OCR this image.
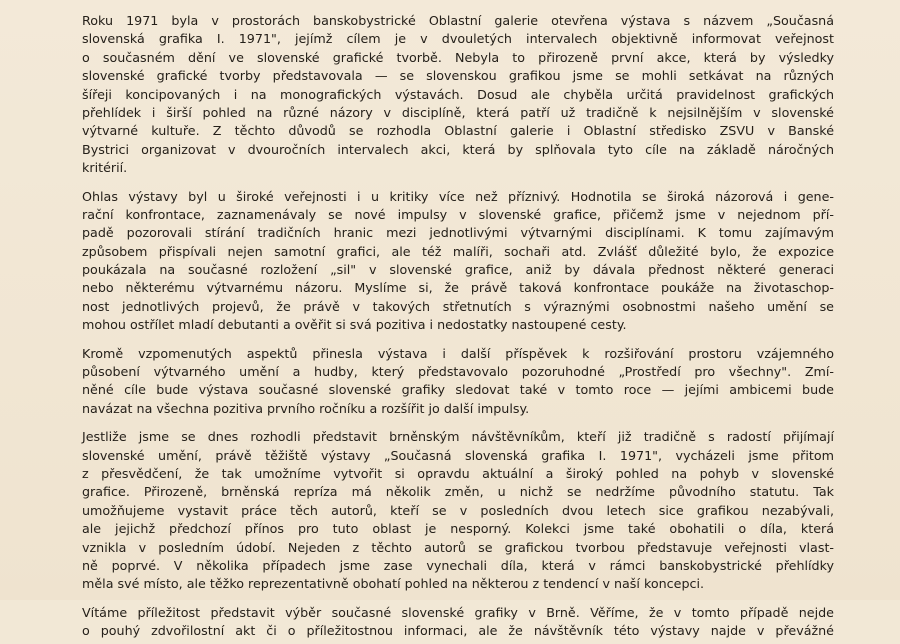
Roku 1971 byla v prostorách banskobystrické Oblastní galerie otevřena výstava s názvem „Současná
slovenská grafika I. 1971", jejímž cílem je v dvouletých intervalech objektivně informovat veřejnost
o současném dění ve slovenské grafické tvorbě. Nebyla to přirozeně první akce, která by výsledky
slovenské grafické tvorby představovala — se slovenskou grafikou jsme se mohli setkávat na různých
šířeji koncipovaných i na monografických výstavách. Dosud ale chyběla určitá pravidelnost grafických
přehlídek i širší pohled na různé názory v disciplíně, která patří už tradičně k nejsilnějším v slovenské
výtvarné kultuře. Z těchto důvodů se rozhodla Oblastní galerie i Oblastní středisko ZSVU v Banské
Bystrici organizovat v dvouročních intervalech akci, která by splňovala tyto cíle na základě náročných
kritérií.
Ohlas výstavy byl u široké veřejnosti i u kritiky více než příznivý. Hodnotila se široká názorová i gene-
rační konfrontace, zaznamenávaly se nové impulsy v slovenské grafice, přičemž jsme v nejednom pří-
padě pozorovali stírání tradičních hranic mezi jednotlivými výtvarnými disciplínami. K tomu zajímavým
způsobem přispívali nejen samotní grafici, ale též malíři, sochaři atd. Zvlášť důležité bylo, že expozice
poukázala na současné rozložení „sil" v slovenské grafice, aniž by dávala přednost některé generaci
nebo některému výtvarnému názoru. Myslíme si, že právě taková konfrontace poukáže na životaschop-
nost jednotlivých projevů, že právě v takových střetnutích s výraznými osobnostmi našeho umění se
mohou ostřílet mladí debutanti a ověřit si svá pozitiva i nedostatky nastoupené cesty.
Kromě vzpomenutých aspektů přinesla výstava i další příspěvek k rozšiřování prostoru vzájemného
působení výtvarného umění a hudby, který představovalo pozoruhodné „Prostředí pro všechny". Zmí-
něné cíle bude výstava současné slovenské grafiky sledovat také v tomto roce — jejími ambicemi bude
navázat na všechna pozitiva prvního ročníku a rozšířit jo další impulsy.
Jestliže jsme se dnes rozhodli představit brněnským návštěvníkům, kteří již tradičně s radostí přijímají
slovenské umění, právě těžiště výstavy „Současná slovenská grafika I. 1971", vycházeli jsme přitom
z přesvědčení, že tak umožníme vytvořit si opravdu aktuální a široký pohled na pohyb v slovenské
grafice. Přirozeně, brněnská repríza má několik změn, u nichž se nedržíme původního statutu. Tak
umožňujeme vystavit práce těch autorů, kteří se v posledních dvou letech sice grafikou nezabývali,
ale jejichž předchozí přínos pro tuto oblast je nesporný. Kolekci jsme také obohatili o díla, která
vznikla v posledním údobí. Nejeden z těchto autorů se grafickou tvorbou představuje veřejnosti vlast-
ně poprvé. V několika případech jsme zase vynechali díla, která v rámci banskobystrické přehlídky
měla své místo, ale těžko reprezentativně obohatí pohled na některou z tendencí v naší koncepci.
Vítáme příležitost představit výběr současné slovenské grafiky v Brně. Věříme, že v tomto případě nejde
o pouhý zdvořilostní akt či o příležitostnou informaci, ale že návštěvník této výstavy najde v převážné
